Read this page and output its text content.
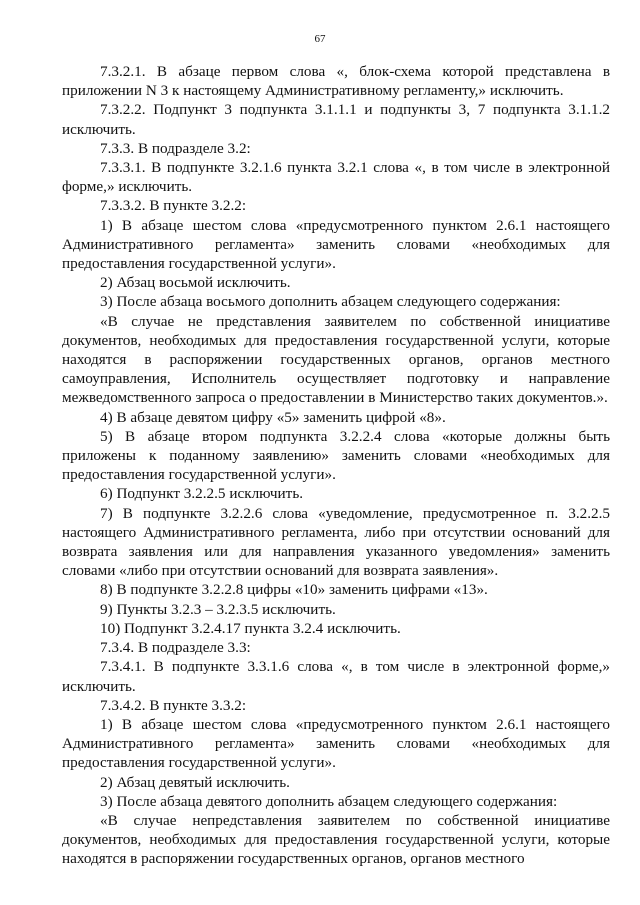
67

7.3.2.1. В абзаце первом слова «, блок-схема которой представлена в приложении N 3 к настоящему Административному регламенту,» исключить.

7.3.2.2. Подпункт 3 подпункта 3.1.1.1 и подпункты 3, 7 подпункта 3.1.1.2 исключить.

7.3.3. В подразделе 3.2:

7.3.3.1. В подпункте 3.2.1.6 пункта 3.2.1 слова «, в том числе в электронной форме,» исключить.

7.3.3.2. В пункте 3.2.2:

1) В абзаце шестом слова «предусмотренного пунктом 2.6.1 настоящего Административного регламента» заменить словами «необходимых для предоставления государственной услуги».

2) Абзац восьмой исключить.

3) После абзаца восьмого дополнить абзацем следующего содержания:

«В случае не представления заявителем по собственной инициативе документов, необходимых для предоставления государственной услуги, которые находятся в распоряжении государственных органов, органов местного самоуправления, Исполнитель осуществляет подготовку и направление межведомственного запроса о предоставлении в Министерство таких документов.».

4) В абзаце девятом цифру «5» заменить цифрой «8».

5) В абзаце втором подпункта 3.2.2.4 слова «которые должны быть приложены к поданному заявлению» заменить словами «необходимых для предоставления государственной услуги».

6) Подпункт 3.2.2.5 исключить.

7) В подпункте 3.2.2.6 слова «уведомление, предусмотренное п. 3.2.2.5 настоящего Административного регламента, либо при отсутствии оснований для возврата заявления или для направления указанного уведомления» заменить словами «либо при отсутствии оснований для возврата заявления».

8) В подпункте 3.2.2.8 цифры «10» заменить цифрами «13».

9) Пункты 3.2.3 – 3.2.3.5 исключить.

10) Подпункт 3.2.4.17 пункта 3.2.4 исключить.

7.3.4. В подразделе 3.3:

7.3.4.1. В подпункте 3.3.1.6 слова «, в том числе в электронной форме,» исключить.

7.3.4.2. В пункте 3.3.2:

1) В абзаце шестом слова «предусмотренного пунктом 2.6.1 настоящего Административного регламента» заменить словами «необходимых для предоставления государственной услуги».

2) Абзац девятый исключить.

3) После абзаца девятого дополнить абзацем следующего содержания:

«В случае непредставления заявителем по собственной инициативе документов, необходимых для предоставления государственной услуги, которые находятся в распоряжении государственных органов, органов местного
